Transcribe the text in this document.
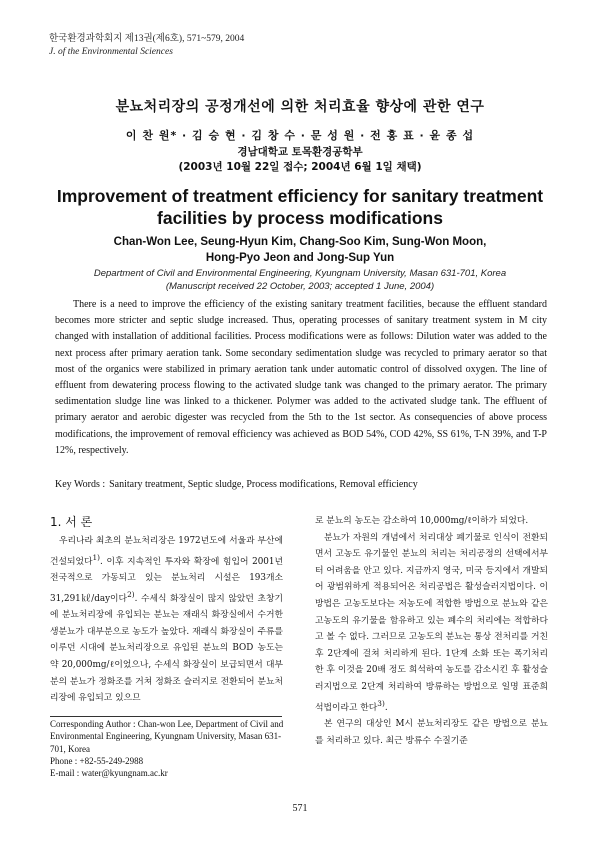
한국환경과학회지 제13권(제6호), 571~579, 2004
J. of the Environmental Sciences
분뇨처리장의 공정개선에 의한 처리효율 향상에 관한 연구
이 찬 원* · 김 승 현 · 김 창 수 · 문 성 원 · 전 홍 표 · 윤 종 섭
경남대학교 토목환경공학부
(2003년 10월 22일 접수; 2004년 6월 1일 채택)
Improvement of treatment efficiency for sanitary treatment
facilities by process modifications
Chan-Won Lee, Seung-Hyun Kim, Chang-Soo Kim, Sung-Won Moon,
Hong-Pyo Jeon and Jong-Sup Yun
Department of Civil and Environmental Engineering, Kyungnam University, Masan 631-701, Korea
(Manuscript received 22 October, 2003; accepted 1 June, 2004)

There is a need to improve the efficiency of the existing sanitary treatment facilities, because the effluent standard becomes more stricter and septic sludge increased. Thus, operating processes of sanitary treatment system in M city changed with installation of additional facilities. Process modifications were as follows: Dilution water was added to the next process after primary aeration tank. Some secondary sedimentation sludge was recycled to primary aerator so that most of the organics were stabilized in primary aeration tank under automatic control of dissolved oxygen. The line of effluent from dewatering process flowing to the activated sludge tank was changed to the primary aerator. The primary sedimentation sludge line was linked to a thickener. Polymer was added to the activated sludge tank. The effluent of primary aerator and aerobic digester was recycled from the 5th to the 1st sector. As consequencies of above process modifications, the improvement of removal efficiency was achieved as BOD 54%, COD 42%, SS 61%, T-N 39%, and T-P 12%, respectively.

Key Words : Sanitary treatment, Septic sludge, Process modifications, Removal efficiency

1. 서 론

우리나라 최초의 분뇨처리장은 1972년도에 서울과 부산에 건설되었다$^{1)}$. 이후 지속적인 투자와 확장에 힘입어 2001년 전국적으로 가동되고 있는 분뇨처리 시설은 193개소 31,291㎘/day이다$^{2)}$. 수세식 화장실이 많지 않았던 초창기에 분뇨처리장에 유입되는 분뇨는 재래식 화장실에서 수거한 생분뇨가 대부분으로 농도가 높았다. 재래식 화장실이 주류를 이루던 시대에 분뇨처리장으로 유입된 분뇨의 BOD 농도는 약 20,000mg/ℓ이었으나, 수세식 화장실이 보급되면서 대부분의 분뇨가 정화조를 거쳐 정화조 슬러지로 전환되어 분뇨처리장에 유입되고 있으므

로 분뇨의 농도는 감소하여 10,000mg/ℓ이하가 되었다.

분뇨가 자원의 개념에서 처리대상 폐기물로 인식이 전환되면서 고농도 유기물인 분뇨의 처리는 처리공정의 선택에서부터 어려움을 안고 있다. 지금까지 영국, 미국 등지에서 개발되어 광범위하게 적용되어온 처리공법은 활성슬러지법이다. 이 방법은 고농도보다는 저농도에 적합한 방법으로 분뇨와 같은 고농도의 유기물을 함유하고 있는 폐수의 처리에는 적합하다고 볼 수 없다. 그러므로 고농도의 분뇨는 통상 전처리를 거친 후 2단계에 걸쳐 처리하게 된다. 1단계 소화 또는 폭기처리 한 후 이것을 20배 정도 희석하여 농도를 감소시킨 후 활성슬러지법으로 2단계 처리하여 방류하는 방법으로 일명 표준희석법이라고 한다$^{3)}$.

본 연구의 대상인 M시 분뇨처리장도 같은 방법으로 분뇨를 처리하고 있다. 최근 방류수 수질기준

Corresponding Author : Chan-won Lee, Department of Civil and Environmental Engineering, Kyungnam University, Masan 631-701, Korea
Phone : +82-55-249-2988
E-mail : water@kyungnam.ac.kr
571
